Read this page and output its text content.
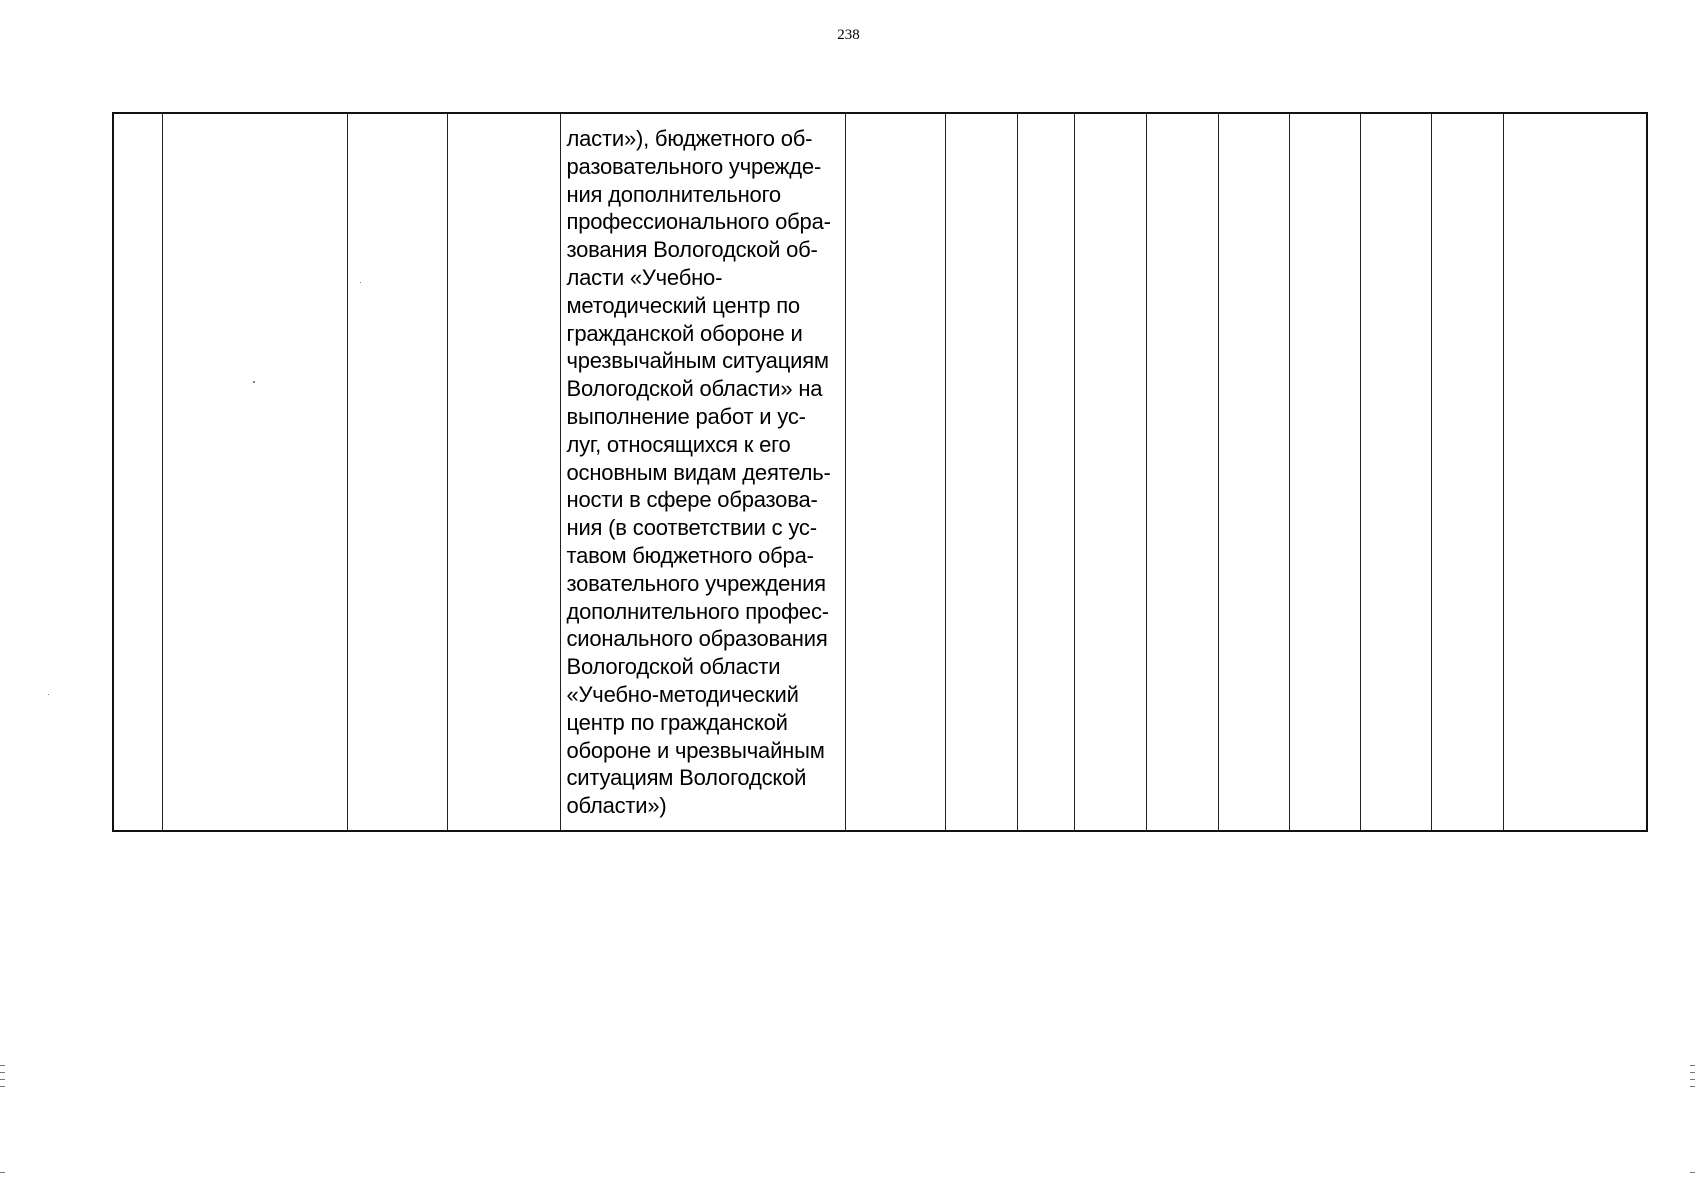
238

ласти»), бюджетного об-
разовательного учрежде-
ния дополнительного
профессионального обра-
зования Вологодской об-
ласти «Учебно-
методический центр по
гражданской обороне и
чрезвычайным ситуациям
Вологодской области» на
выполнение работ и ус-
луг, относящихся к его
основным видам деятель-
ности в сфере образова-
ния (в соответствии с ус-
тавом бюджетного обра-
зовательного учреждения
дополнительного профес-
сионального образования
Вологодской области
«Учебно-методический
центр по гражданской
обороне и чрезвычайным
ситуациям Вологодской
области»)
